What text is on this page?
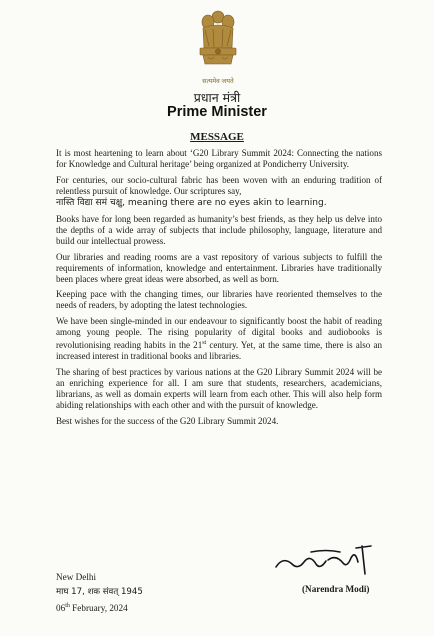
सत्यमेव जयते
प्रधान मंत्री
Prime Minister
MESSAGE

It is most heartening to learn about ‘G20 Library Summit 2024: Connecting the nations for Knowledge and Cultural heritage’ being organized at Pondicherry University.

For centuries, our socio-cultural fabric has been woven with an enduring tradition of relentless pursuit of knowledge. Our scriptures say,

नास्ति विद्या समं चक्षु, meaning there are no eyes akin to learning.

Books have for long been regarded as humanity’s best friends, as they help us delve into the depths of a wide array of subjects that include philosophy, language, literature and build our intellectual prowess.

Our libraries and reading rooms are a vast repository of various subjects to fulfill the requirements of information, knowledge and entertainment. Libraries have traditionally been places where great ideas were absorbed, as well as born.

Keeping pace with the changing times, our libraries have reoriented themselves to the needs of readers, by adopting the latest technologies.

We have been single-minded in our endeavour to significantly boost the habit of reading among young people. The rising popularity of digital books and audiobooks is revolutionising reading habits in the 21st century. Yet, at the same time, there is also an increased interest in traditional books and libraries.

The sharing of best practices by various nations at the G20 Library Summit 2024 will be an enriching experience for all. I am sure that students, researchers, academicians, librarians, as well as domain experts will learn from each other. This will also help form abiding relationships with each other and with the pursuit of knowledge.

Best wishes for the success of the G20 Library Summit 2024.

(Narendra Modi)
New Delhi
माघ 17, शक संवत् 1945
06th February, 2024
